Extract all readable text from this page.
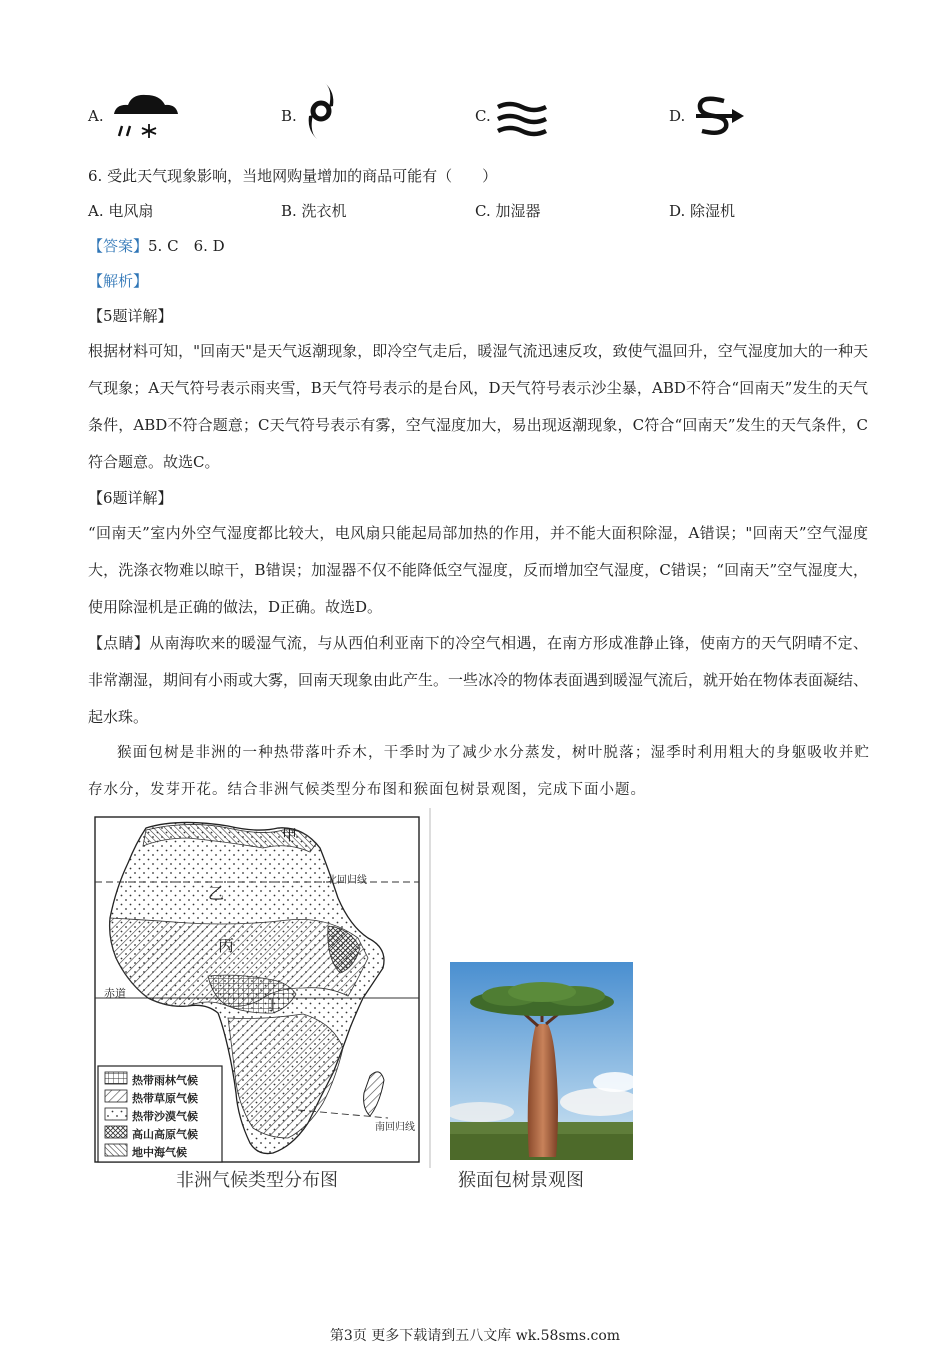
A.	B.	C.	D.
6. 受此天气现象影响，当地网购量增加的商品可能有（　　）
A. 电风扇	B. 洗衣机	C. 加湿器	D. 除湿机
【答案】5. C　6. D
【解析】
【5题详解】
根据材料可知，"回南天"是天气返潮现象，即冷空气走后，暖湿气流迅速反攻，致使气温回升，空气湿度加大的一种天气现象；A天气符号表示雨夹雪，B天气符号表示的是台风，D天气符号表示沙尘暴，ABD不符合“回南天”发生的天气条件，ABD不符合题意；C天气符号表示有雾，空气湿度加大，易出现返潮现象，C符合“回南天”发生的天气条件，C符合题意。故选C。
【6题详解】
“回南天”室内外空气湿度都比较大，电风扇只能起局部加热的作用，并不能大面积除湿，A错误；"回南天”空气湿度大，洗涤衣物难以晾干，B错误；加湿器不仅不能降低空气湿度，反而增加空气湿度，C错误；“回南天”空气湿度大，使用除湿机是正确的做法，D正确。故选D。
【点睛】从南海吹来的暖湿气流，与从西伯利亚南下的冷空气相遇，在南方形成准静止锋，使南方的天气阴晴不定、非常潮湿，期间有小雨或大雾，回南天现象由此产生。一些冰冷的物体表面遇到暖湿气流后，就开始在物体表面凝结、起水珠。
猴面包树是非洲的一种热带落叶乔木，干季时为了减少水分蒸发，树叶脱落；湿季时利用粗大的身躯吸收并贮存水分，发芽开花。结合非洲气候类型分布图和猴面包树景观图，完成下面小题。
甲
乙
丙
丁
北回归线
赤道
南回归线
热带雨林气候
热带草原气候
热带沙漠气候
高山高原气候
地中海气候
非洲气候类型分布图	猴面包树景观图
第3页 更多下载请到五八文库 wk.58sms.com
